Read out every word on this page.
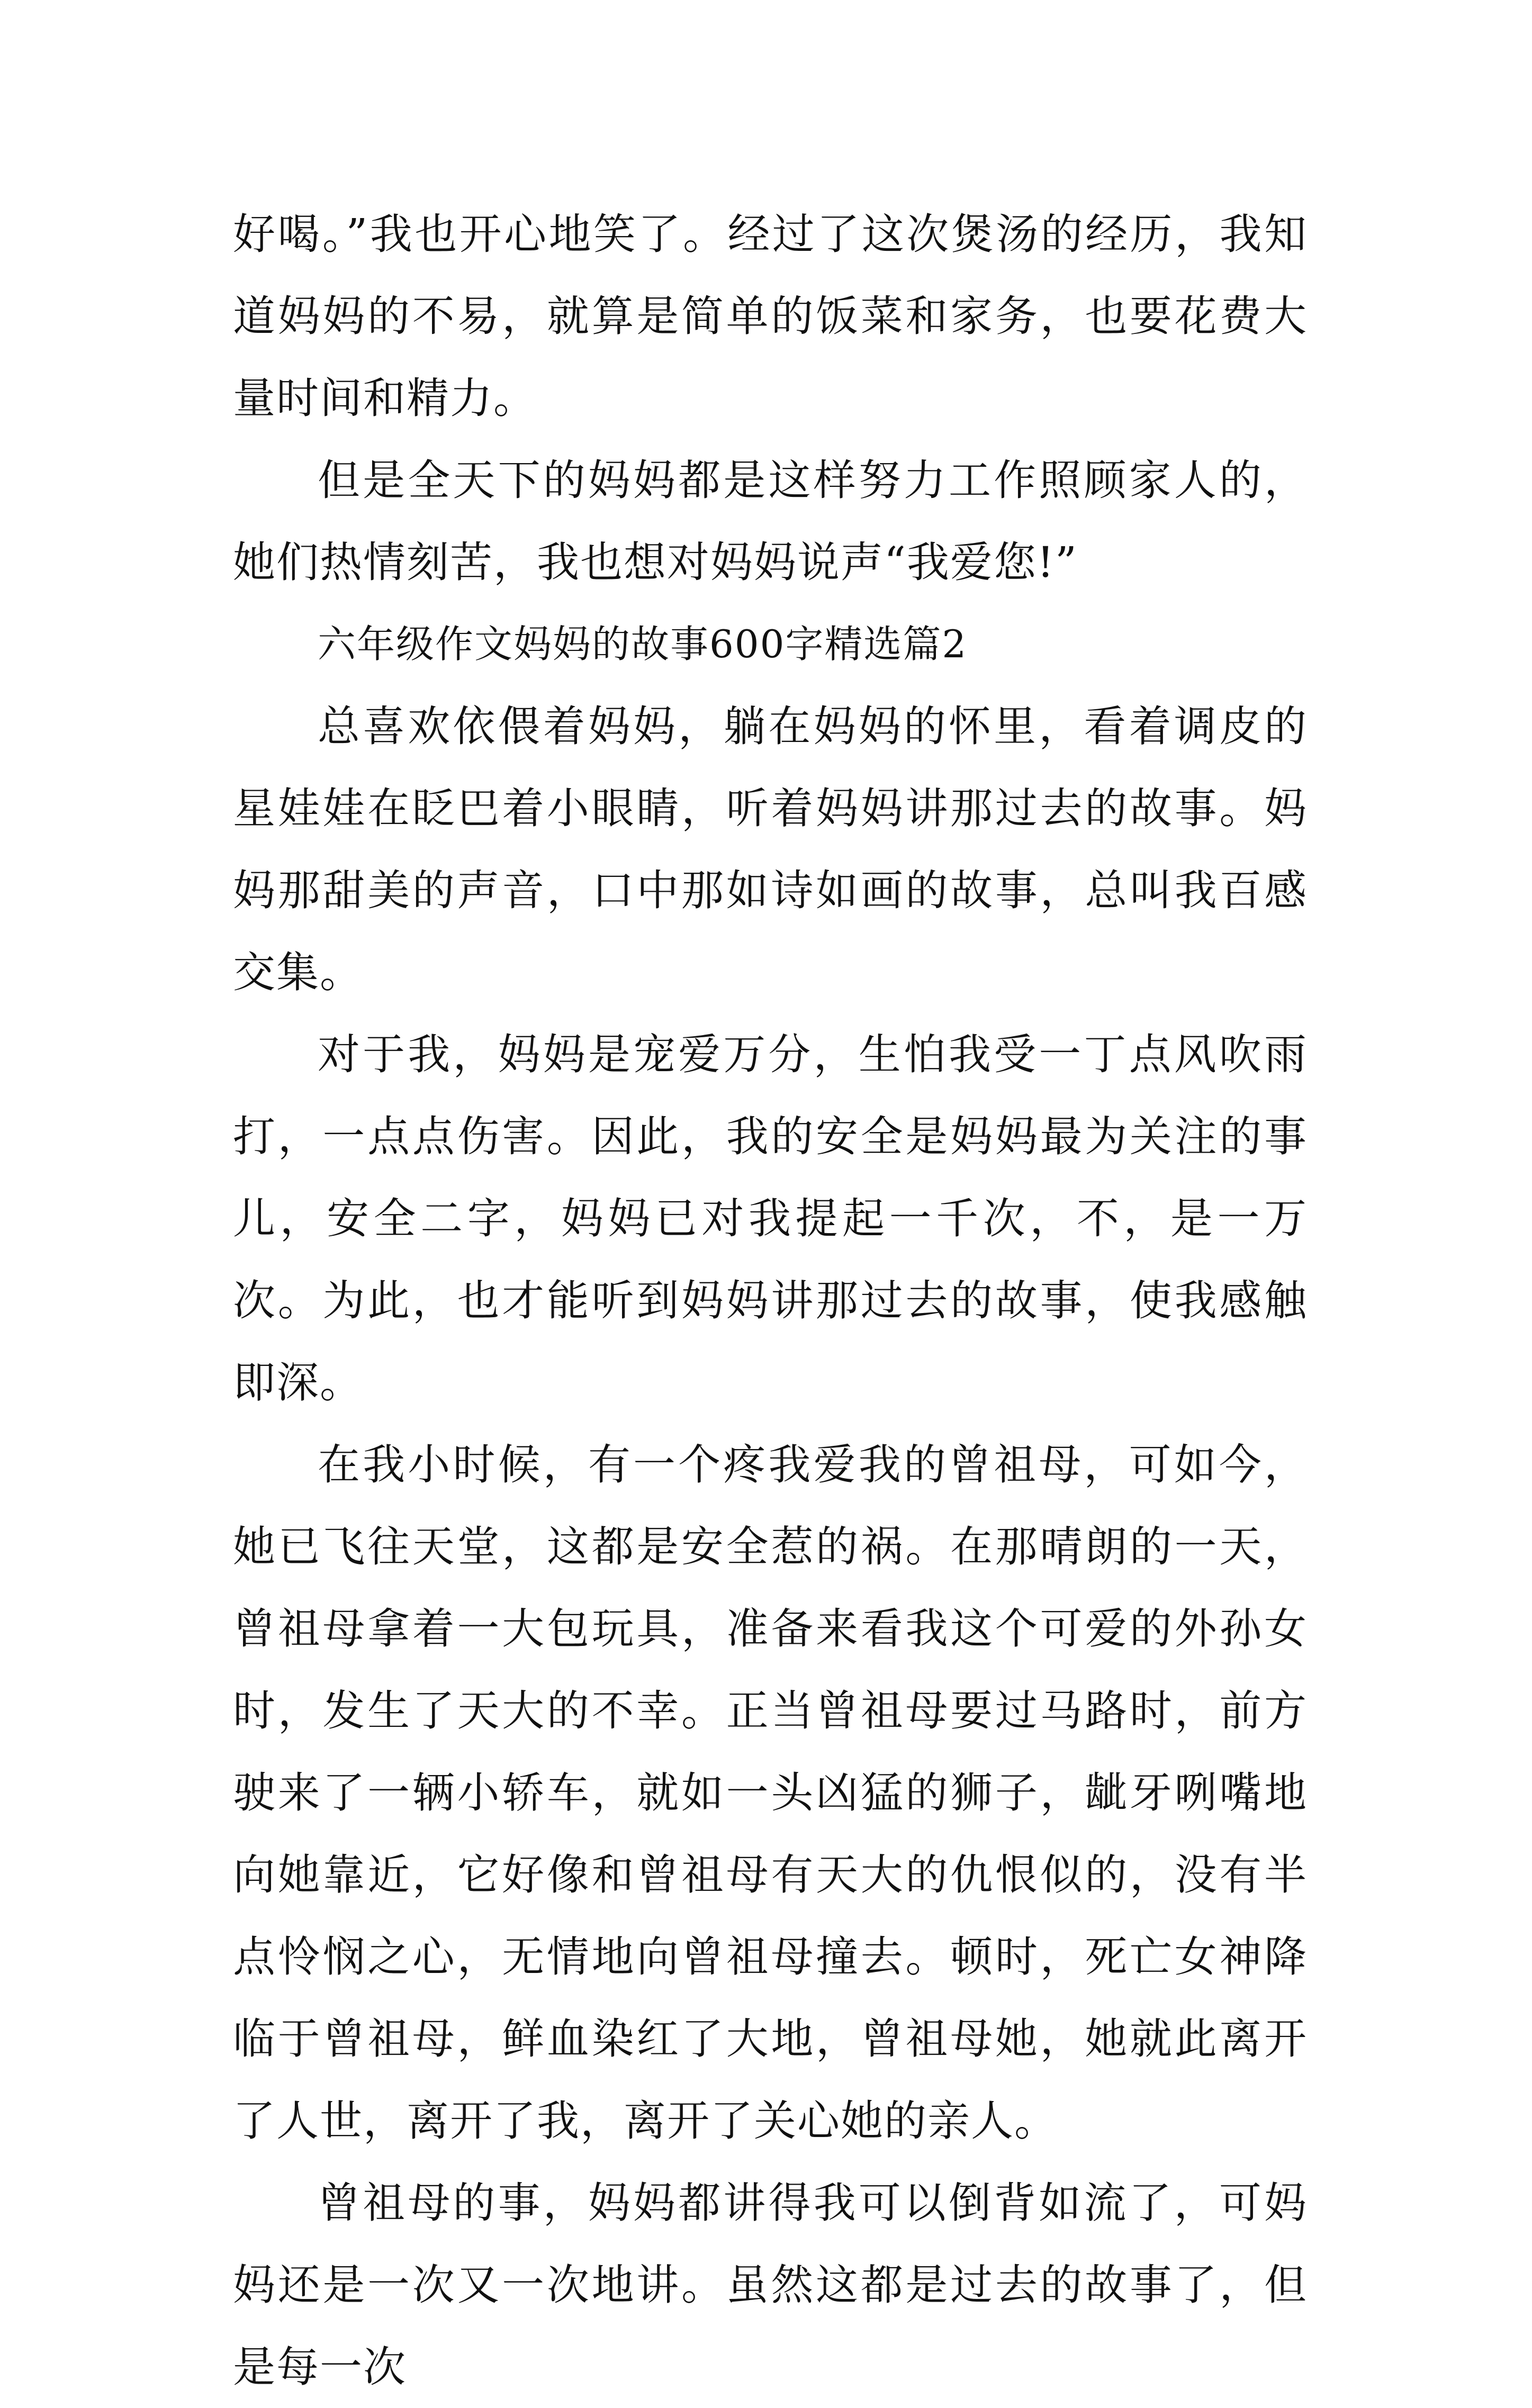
好喝。”我也开心地笑了。经过了这次煲汤的经历，我知道妈妈的不易，就算是简单的饭菜和家务，也要花费大量时间和精力。

但是全天下的妈妈都是这样努力工作照顾家人的，她们热情刻苦，我也想对妈妈说声“我爱您!”

六年级作文妈妈的故事600字精选篇2

总喜欢依偎着妈妈，躺在妈妈的怀里，看着调皮的星娃娃在眨巴着小眼睛，听着妈妈讲那过去的故事。妈妈那甜美的声音，口中那如诗如画的故事，总叫我百感交集。

对于我，妈妈是宠爱万分，生怕我受一丁点风吹雨打，一点点伤害。因此，我的安全是妈妈最为关注的事儿，安全二字，妈妈已对我提起一千次，不，是一万次。为此，也才能听到妈妈讲那过去的故事，使我感触即深。

在我小时候，有一个疼我爱我的曾祖母，可如今，她已飞往天堂，这都是安全惹的祸。在那晴朗的一天，曾祖母拿着一大包玩具，准备来看我这个可爱的外孙女时，发生了天大的不幸。正当曾祖母要过马路时，前方驶来了一辆小轿车，就如一头凶猛的狮子，龇牙咧嘴地向她靠近，它好像和曾祖母有天大的仇恨似的，没有半点怜悯之心，无情地向曾祖母撞去。顿时，死亡女神降临于曾祖母，鲜血染红了大地，曾祖母她，她就此离开了人世，离开了我，离开了关心她的亲人。

曾祖母的事，妈妈都讲得我可以倒背如流了，可妈妈还是一次又一次地讲。虽然这都是过去的故事了，但是每一次
